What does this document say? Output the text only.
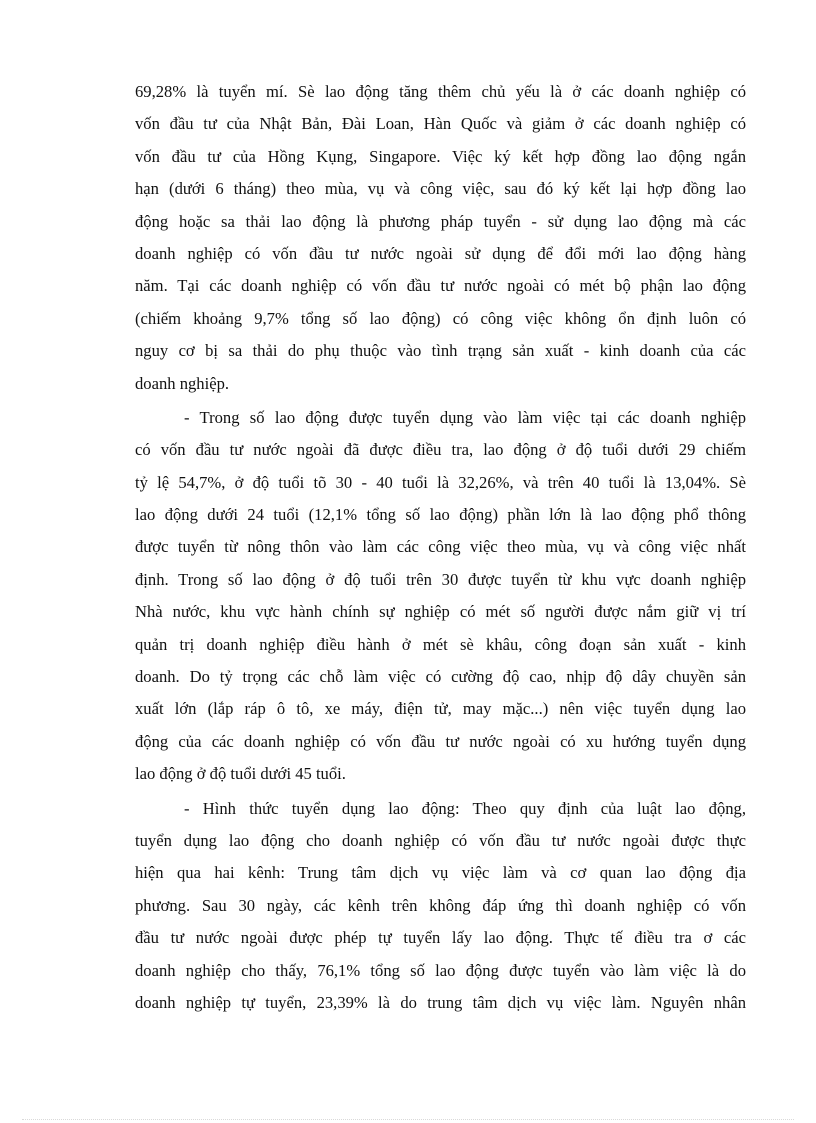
69,28% là tuyển mí. Sè lao động tăng thêm chủ yếu là ở các doanh nghiệp có
vốn đầu tư của Nhật Bản, Đài Loan, Hàn Quốc và giảm ở các doanh nghiệp có
vốn đầu tư của Hồng Kụng, Singapore. Việc ký kết hợp đồng lao động ngắn
hạn (dưới 6 tháng) theo mùa, vụ và công việc, sau đó ký kết lại hợp đồng lao
động hoặc sa thải lao động là phương pháp tuyển - sử dụng lao động mà các
doanh nghiệp có vốn đầu tư nước ngoài sử dụng để đổi mới lao động hàng
năm. Tại các doanh nghiệp có vốn đầu tư nước ngoài có mét bộ phận lao động
(chiếm khoảng 9,7% tổng số lao động) có công việc không ổn định luôn có
nguy cơ bị sa thải do phụ thuộc vào tình trạng sản xuất - kinh doanh của các
doanh nghiệp.
- Trong số lao động được tuyển dụng vào làm việc tại các doanh nghiệp
có vốn đầu tư nước ngoài đã được điều tra, lao động ở độ tuổi dưới 29 chiếm
tỷ lệ 54,7%, ở độ tuổi tõ 30 - 40 tuổi là 32,26%, và trên 40 tuổi là 13,04%. Sè
lao động dưới 24 tuổi (12,1% tổng số lao động) phần lớn là lao động phổ thông
được tuyển từ nông thôn vào làm các công việc theo mùa, vụ và công việc nhất
định. Trong số lao động ở độ tuổi trên 30 được tuyển từ khu vực doanh nghiệp
Nhà nước, khu vực hành chính sự nghiệp có mét số người được nắm giữ vị trí
quản trị doanh nghiệp điều hành ở mét sè khâu, công đoạn sản xuất - kinh
doanh. Do tỷ trọng các chỗ làm việc có cường độ cao, nhịp độ dây chuyền sản
xuất lớn (lắp ráp ô tô, xe máy, điện tử, may mặc...) nên việc tuyển dụng lao
động của các doanh nghiệp có vốn đầu tư nước ngoài có xu hướng tuyển dụng
lao động ở độ tuổi dưới 45 tuổi.
- Hình thức tuyển dụng lao động: Theo quy định của luật lao động,
tuyển dụng lao động cho doanh nghiệp có vốn đầu tư nước ngoài được thực
hiện qua hai kênh: Trung tâm dịch vụ việc làm và cơ quan lao động địa
phương. Sau 30 ngày, các kênh trên không đáp ứng thì doanh nghiệp có vốn
đầu tư nước ngoài được phép tự tuyển lấy lao động. Thực tế điều tra ơ các
doanh nghiệp cho thấy, 76,1% tổng số lao động được tuyển vào làm việc là do
doanh nghiệp tự tuyển, 23,39% là do trung tâm dịch vụ việc làm. Nguyên nhân
